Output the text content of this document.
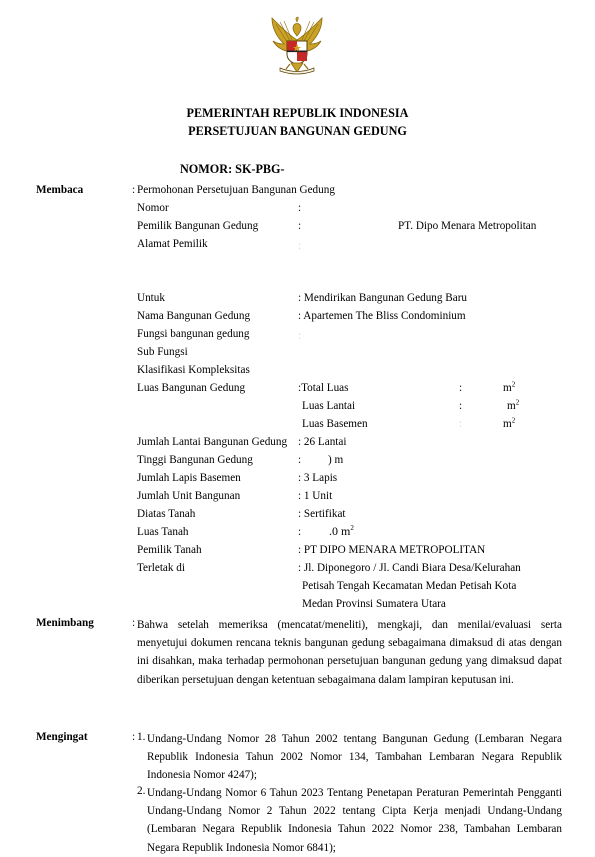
PEMERINTAH REPUBLIK INDONESIA
PERSETUJUAN BANGUNAN GEDUNG
NOMOR: SK-PBG-
Membaca	: Permohonan Persetujuan Bangunan Gedung
Nomor	:
Pemilik Bangunan Gedung	:	PT. Dipo Menara Metropolitan
Alamat Pemilik	:
Untuk	: Mendirikan Bangunan Gedung Baru
Nama Bangunan Gedung	: Apartemen The Bliss Condominium
Fungsi bangunan gedung	:
Sub Fungsi
Klasifikasi Kompleksitas
Luas Bangunan Gedung	:Total Luas	:	$m^2$
Luas Lantai	:	$m^2$
Luas Basemen	:	$m^2$
Jumlah Lantai Bangunan Gedung : 26 Lantai
Tinggi Bangunan Gedung	: ) m
Jumlah Lapis Basemen	: 3 Lapis
Jumlah Unit Bangunan	: 1 Unit
Diatas Tanah	: Sertifikat
Luas Tanah	: .0 $m^2$
Pemilik Tanah	: PT DIPO MENARA METROPOLITAN
Terletak di	: Jl. Diponegoro / Jl. Candi Biara Desa/Kelurahan
Petisah Tengah Kecamatan Medan Petisah Kota
Medan Provinsi Sumatera Utara
Menimbang	: Bahwa setelah memeriksa (mencatat/meneliti), mengkaji, dan menilai/evaluasi serta menyetujui dokumen rencana teknis bangunan gedung sebagaimana dimaksud di atas dengan ini disahkan, maka terhadap permohonan persetujuan bangunan gedung yang dimaksud dapat diberikan persetujuan dengan ketentuan sebagaimana dalam lampiran keputusan ini.
Mengingat	: 1. Undang-Undang Nomor 28 Tahun 2002 tentang Bangunan Gedung (Lembaran Negara Republik Indonesia Tahun 2002 Nomor 134, Tambahan Lembaran Negara Republik Indonesia Nomor 4247);
2. Undang-Undang Nomor 6 Tahun 2023 Tentang Penetapan Peraturan Pemerintah Pengganti Undang-Undang Nomor 2 Tahun 2022 tentang Cipta Kerja menjadi Undang-Undang (Lembaran Negara Republik Indonesia Tahun 2022 Nomor 238, Tambahan Lembaran Negara Republik Indonesia Nomor 6841);
